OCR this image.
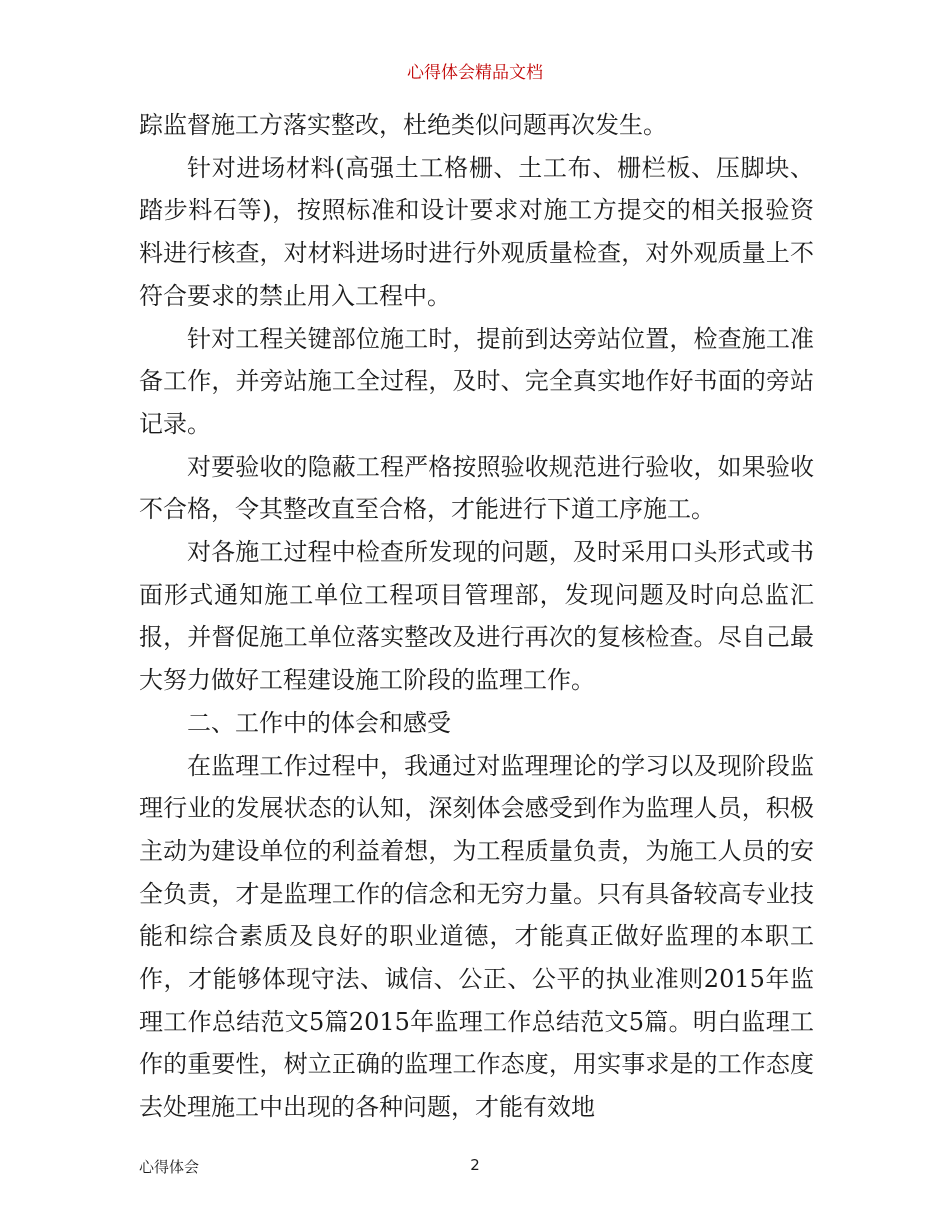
心得体会精品文档

踪监督施工方落实整改，杜绝类似问题再次发生。

针对进场材料(高强土工格栅、土工布、栅栏板、压脚块、踏步料石等)，按照标准和设计要求对施工方提交的相关报验资料进行核查，对材料进场时进行外观质量检查，对外观质量上不符合要求的禁止用入工程中。

针对工程关键部位施工时，提前到达旁站位置，检查施工准备工作，并旁站施工全过程，及时、完全真实地作好书面的旁站记录。

对要验收的隐蔽工程严格按照验收规范进行验收，如果验收不合格，令其整改直至合格，才能进行下道工序施工。

对各施工过程中检查所发现的问题，及时采用口头形式或书面形式通知施工单位工程项目管理部，发现问题及时向总监汇报，并督促施工单位落实整改及进行再次的复核检查。尽自己最大努力做好工程建设施工阶段的监理工作。

二、工作中的体会和感受

在监理工作过程中，我通过对监理理论的学习以及现阶段监理行业的发展状态的认知，深刻体会感受到作为监理人员，积极主动为建设单位的利益着想，为工程质量负责，为施工人员的安全负责，才是监理工作的信念和无穷力量。只有具备较高专业技能和综合素质及良好的职业道德，才能真正做好监理的本职工作，才能够体现守法、诚信、公正、公平的执业准则2015年监理工作总结范文5篇2015年监理工作总结范文5篇。明白监理工作的重要性，树立正确的监理工作态度，用实事求是的工作态度去处理施工中出现的各种问题，才能有效地

心得体会	2
